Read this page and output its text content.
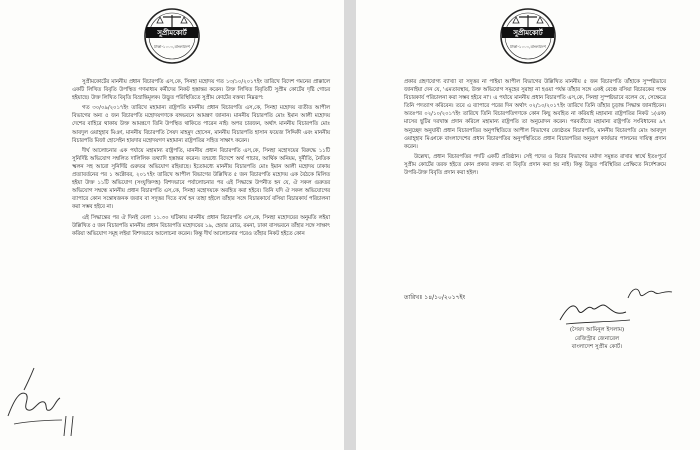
সুপ্রীমকোর্ট
ঢাকা-১০০০,বাংলাদেশ

সুপ্রীমকোর্টের মাননীয় প্রধান বিচারপতি এস,কে, সিনহা মহোদয় গত ১৩/১০/২০১৭ইং তারিখে বিদেশ গমনের প্রাক্কালে একটি লিখিত বিবৃতি উপস্থিত গণমাধ্যম কর্মীদের নিকট হস্তান্তর করেন। উক্ত লিখিত বিবৃতিটি সুপ্রীম কোর্টের দৃষ্টি গোচর হইয়াছে। উক্ত লিখিত বিবৃতি বিভ্রান্তিমূলক। উদ্ভূত পরিস্থিতিতে সুপ্রীম কোর্টের বক্তব্য নিম্নরূপ:

গত ৩০/০৯/২০১৭ইং তারিখে মহামান্য রাষ্ট্রপতি মাননীয় প্রধান বিচারপতি এস,কে, সিনহা মহোদয় ব্যতীত আপীল বিভাগের অন্য ৫ জন বিচারপতি মহোদয়গণকে বঙ্গভবনে আমন্ত্রণ জানান। মাননীয় বিচারপতি মোঃ ইমান আলী মহোদয় দেশের বাহিরে থাকায় উক্ত আমন্ত্রণে তিনি উপস্থিত থাকিতে পারেন নাই। অপর চারজন, অর্থাৎ মাননীয় বিচারপতি মোঃ আবদুল ওয়াহ্‌হাব মিঞা, মাননীয় বিচারপতি সৈয়দ মাহমুদ হোসেন, মাননীয় বিচারপতি হাসান ফয়েজ সিদ্দিকী এবং মাননীয় বিচারপতি মির্জা হোসেইন হায়দার মহোদয়গণ মহামান্য রাষ্ট্রপতির সহিত সাক্ষাৎ করেন।

দীর্ঘ আলোচনার এক পর্যায়ে মহামান্য রাষ্ট্রপতি, মাননীয় প্রধান বিচারপতি এস,কে, সিনহা মহোদয়ের বিরুদ্ধে ১১টি সুনির্দিষ্ট অভিযোগ সম্বলিত দালিলিক তথ্যাদি হস্তান্তর করেন। তন্মধ্যে বিদেশে অর্থ পাচার, আর্থিক অনিয়ম, দুর্নীতি, নৈতিক স্খলন সহ আরো সুনির্দিষ্ট গুরুতর অভিযোগ রহিয়াছে। ইতোমধ্যে মাননীয় বিচারপতি মোঃ ইমান আলী মহোদয় ঢাকায় প্রত্যাবর্তনের পর ১ অক্টোবর, ২০১৭ইং তারিখে আপীল বিভাগের উল্লিখিত ৫ জন বিচারপতি মহোদয় এক বৈঠকে মিলিত হইয়া উক্ত ১১টি অভিযোগ (সংযুক্তিসহ) বিশদভাবে পর্যালোচনার পর এই সিদ্ধান্তে উপনীত হন যে, ঐ সকল গুরুতর অভিযোগ সম্বন্ধে মাননীয় প্রধান বিচারপতি এস,কে, সিনহা মহোদয়কে অবহিত করা হইবে। তিনি যদি ঐ সকল অভিযোগের ব্যাপারে কোন সন্তোষজনক জবাব বা সদুত্তর দিতে ব্যর্থ হন তাহা হইলে তাঁহার সঙ্গে বিচারকার্যে বসিয়া বিচারকার্য পরিচালনা করা সম্ভব হইবে না।

এই সিদ্ধান্তের পর ঐ দিনই বেলা ১১.৩০ ঘটিকায় মাননীয় প্রধান বিচারপতি এস,কে, সিনহা মহোদয়ের অনুমতি লইয়া উল্লিখিত ৫ জন বিচারপতি মাননীয় প্রধান বিচারপতি মহোদয়ের ১৯, হেয়ার রোড, রমনা, ঢাকা বাসভবনে তাঁহার সঙ্গে সাক্ষাৎ করিয়া অভিযোগ সমূহ লইয়া বিশদভাবে আলোচনা করেন। কিন্তু দীর্ঘ আলোচনার পরেও তাঁহার নিকট হইতে কোন

সুপ্রীমকোর্ট
ঢাকা-১০০০,বাংলাদেশ

প্রকার গ্রহণযোগ্য ব্যাখ্যা বা সদুত্তর না পাইয়া আপীল বিভাগের উল্লিখিত মাননীয় ৫ জন বিচারপতি তাঁহাকে সুস্পষ্টভাবে জানাইয়া দেন যে, 'এমতাবস্থায়, উক্ত অভিযোগ সমূহের সুরাহা না হওয়া পর্যন্ত তাঁহার সঙ্গে একই বেঞ্চে বসিয়া বিচারকের পক্ষে বিচারকার্য পরিচালনা করা সম্ভব হইবে না'। এ পর্যায়ে মাননীয় প্রধান বিচারপতি এস,কে, সিনহা সুস্পষ্টভাবে বলেন যে, সেক্ষেত্রে তিনি পদত্যাগ করিবেন। তবে এ ব্যাপারে পরের দিন অর্থাৎ ০২/১০/২০১৭ইং তারিখে তিনি তাঁহার চূড়ান্ত সিদ্ধান্ত জানাইবেন। অতঃপর ০২/১০/২০১৭ইং তারিখে তিনি বিচারপতিগণকে কোন কিছু অবহিত না করিয়াই মহামান্য রাষ্ট্রপতির নিকট ১(এক) মাসের ছুটির দরখাস্ত প্রদান করিলে মহামান্য রাষ্ট্রপতি তা অনুমোদন করেন। পরবর্তীতে মহামান্য রাষ্ট্রপতি সংবিধানের ৯৭ অনুচ্ছেদ অনুযায়ী প্রধান বিচারপতির অনুপস্থিতিতে আপীল বিভাগের জ্যেষ্ঠতম বিচারপতি, মাননীয় বিচারপতি মোঃ আবদুল ওয়াহ্‌হাব মিঞাকে বাংলাদেশের প্রধান বিচারপতির অনুপস্থিতিতে প্রধান বিচারপতির অনুরূপ কার্যভার পালনের দায়িত্ব প্রদান করেন।

উল্লেখ্য, প্রধান বিচারপতির পদটি একটি প্রতিষ্ঠান। সেই পদের ও বিচার বিভাগের মর্যাদা সমুন্নত রাখার স্বার্থে ইতঃপূর্বে সুপ্রীম কোর্টের তরফ হইতে কোন প্রকার বক্তব্য বা বিবৃতি প্রদান করা হয় নাই। কিন্তু উদ্ভূত পরিস্থিতির প্রেক্ষিতে নির্দেশক্রমে উপরি-উক্ত বিবৃতি প্রদান করা হইল।

তারিখঃ ১৪/১০/২০১৭ইং
(সৈয়দ আমিনুল ইসলাম)
রেজিস্ট্রার জেনারেল
বাংলাদেশ সুপ্রীম কোর্ট।
